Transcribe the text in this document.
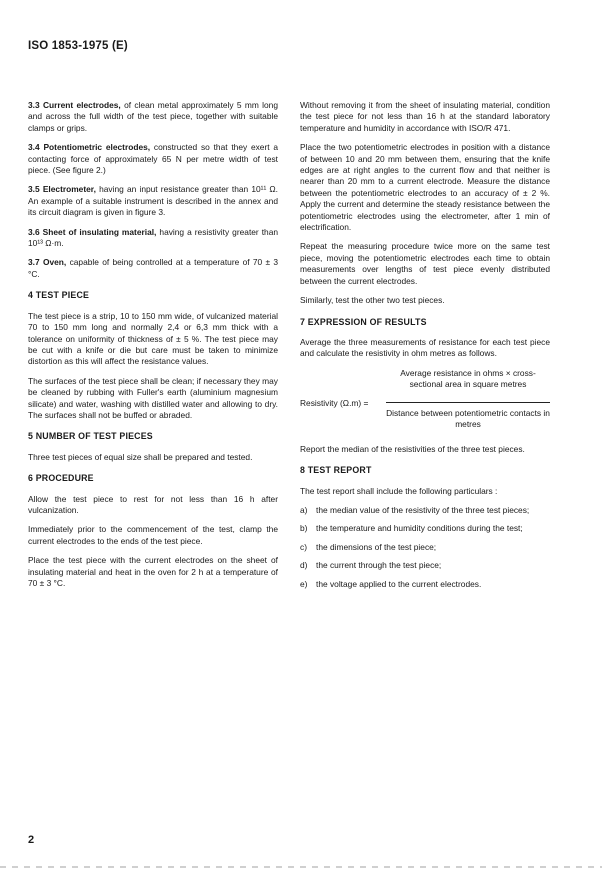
ISO 1853-1975 (E)

3.3 Current electrodes, of clean metal approximately 5 mm long and across the full width of the test piece, together with suitable clamps or grips.

3.4 Potentiometric electrodes, constructed so that they exert a contacting force of approximately 65 N per metre width of test piece. (See figure 2.)

3.5 Electrometer, having an input resistance greater than 10¹¹ Ω. An example of a suitable instrument is described in the annex and its circuit diagram is given in figure 3.

3.6 Sheet of insulating material, having a resistivity greater than 10¹³ Ω·m.

3.7 Oven, capable of being controlled at a temperature of 70 ± 3 °C.

4 TEST PIECE

The test piece is a strip, 10 to 150 mm wide, of vulcanized material 70 to 150 mm long and normally 2,4 or 6,3 mm thick with a tolerance on uniformity of thickness of ± 5 %. The test piece may be cut with a knife or die but care must be taken to minimize distortion as this will affect the resistance values.

The surfaces of the test piece shall be clean; if necessary they may be cleaned by rubbing with Fuller's earth (aluminium magnesium silicate) and water, washing with distilled water and allowing to dry. The surfaces shall not be buffed or abraded.

5 NUMBER OF TEST PIECES

Three test pieces of equal size shall be prepared and tested.

6 PROCEDURE

Allow the test piece to rest for not less than 16 h after vulcanization.

Immediately prior to the commencement of the test, clamp the current electrodes to the ends of the test piece.

Place the test piece with the current electrodes on the sheet of insulating material and heat in the oven for 2 h at a temperature of 70 ± 3 °C.

Without removing it from the sheet of insulating material, condition the test piece for not less than 16 h at the standard laboratory temperature and humidity in accordance with ISO/R 471.

Place the two potentiometric electrodes in position with a distance of between 10 and 20 mm between them, ensuring that the knife edges are at right angles to the current flow and that neither is nearer than 20 mm to a current electrode. Measure the distance between the potentiometric electrodes to an accuracy of ± 2 %. Apply the current and determine the steady resistance between the potentiometric electrodes using the electrometer, after 1 min of electrification.

Repeat the measuring procedure twice more on the same test piece, moving the potentiometric electrodes each time to obtain measurements over lengths of test piece evenly distributed between the current electrodes.

Similarly, test the other two test pieces.

7 EXPRESSION OF RESULTS

Average the three measurements of resistance for each test piece and calculate the resistivity in ohm metres as follows.

Resistivity (Ω.m) =
Average resistance in ohms × cross-sectional area in square metres
Distance between potentiometric contacts in metres

Report the median of the resistivities of the three test pieces.

8 TEST REPORT

The test report shall include the following particulars :

a)	the median value of the resistivity of the three test pieces;
b)	the temperature and humidity conditions during the test;
c)	the dimensions of the test piece;
d)	the current through the test piece;
e)	the voltage applied to the current electrodes.
2
